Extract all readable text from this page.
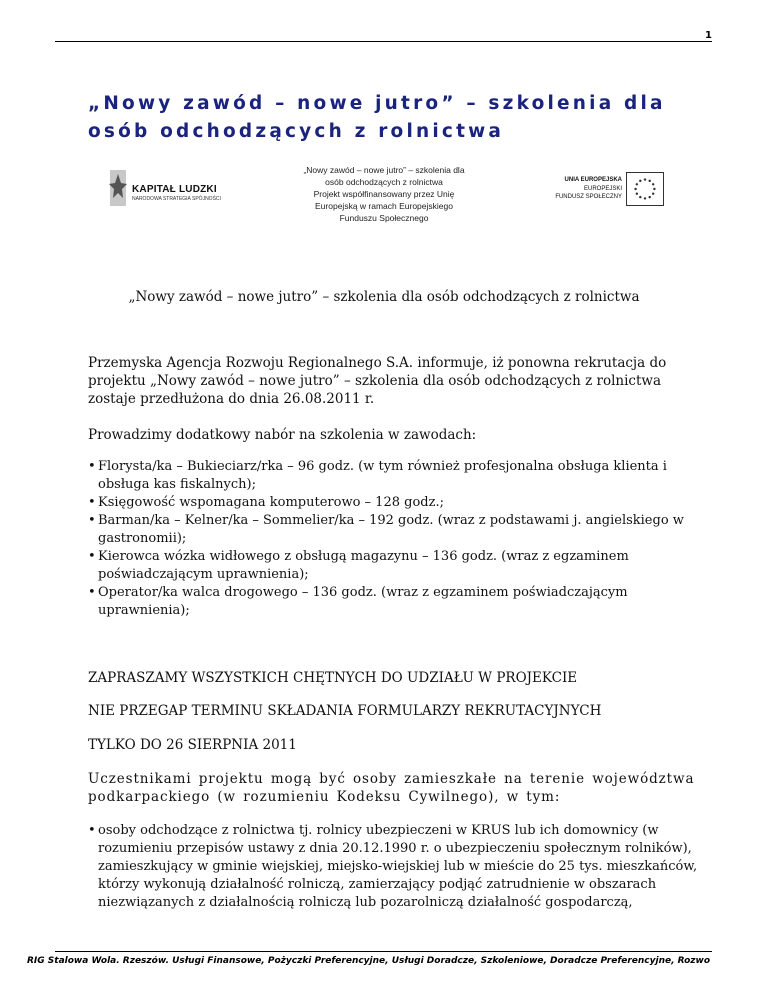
1
„Nowy zawód – nowe jutro” – szkolenia dla osób odchodzących z rolnictwa
KAPITAŁ LUDZKI
NARODOWA STRATEGIA SPÓJNOŚCI
„Nowy zawód – nowe jutro” – szkolenia dla
osób odchodzących z rolnictwa
Projekt współfinansowany przez Unię
Europejską w ramach Europejskiego
Funduszu Społecznego
UNIA EUROPEJSKA
EUROPEJSKI
FUNDUSZ SPOŁECZNY
„Nowy zawód – nowe jutro” – szkolenia dla osób odchodzących z rolnictwa

Przemyska Agencja Rozwoju Regionalnego S.A. informuje, iż ponowna rekrutacja do projektu „Nowy zawód – nowe jutro” – szkolenia dla osób odchodzących z rolnictwa zostaje przedłużona do dnia 26.08.2011 r.

Prowadzimy dodatkowy nabór na szkolenia w zawodach:

• Florysta/ka – Bukieciarz/rka – 96 godz. (w tym również profesjonalna obsługa klienta i obsługa kas fiskalnych);
• Księgowość wspomagana komputerowo – 128 godz.;
• Barman/ka – Kelner/ka – Sommelier/ka – 192 godz. (wraz z podstawami j. angielskiego w gastronomii);
• Kierowca wózka widłowego z obsługą magazynu – 136 godz. (wraz z egzaminem poświadczającym uprawnienia);
• Operator/ka walca drogowego – 136 godz. (wraz z egzaminem poświadczającym uprawnienia);

ZAPRASZAMY WSZYSTKICH CHĘTNYCH DO UDZIAŁU W PROJEKCIE

NIE PRZEGAP TERMINU SKŁADANIA FORMULARZY REKRUTACYJNYCH

TYLKO DO 26 SIERPNIA 2011

Uczestnikami projektu mogą być osoby zamieszkałe na terenie województwa podkarpackiego (w rozumieniu Kodeksu Cywilnego), w tym:

• osoby odchodzące z rolnictwa tj. rolnicy ubezpieczeni w KRUS lub ich domownicy (w rozumieniu przepisów ustawy z dnia 20.12.1990 r. o ubezpieczeniu społecznym rolników), zamieszkujący w gminie wiejskiej, miejsko-wiejskiej lub w mieście do 25 tys. mieszkańców, którzy wykonują działalność rolniczą, zamierzający podjąć zatrudnienie w obszarach niezwiązanych z działalnością rolniczą lub pozarolniczą działalność gospodarczą,
RIG Stalowa Wola. Rzeszów. Usługi Finansowe, Pożyczki Preferencyjne, Usługi Doradcze, Szkoleniowe, Doradcze Preferencyjne, Rozwo
